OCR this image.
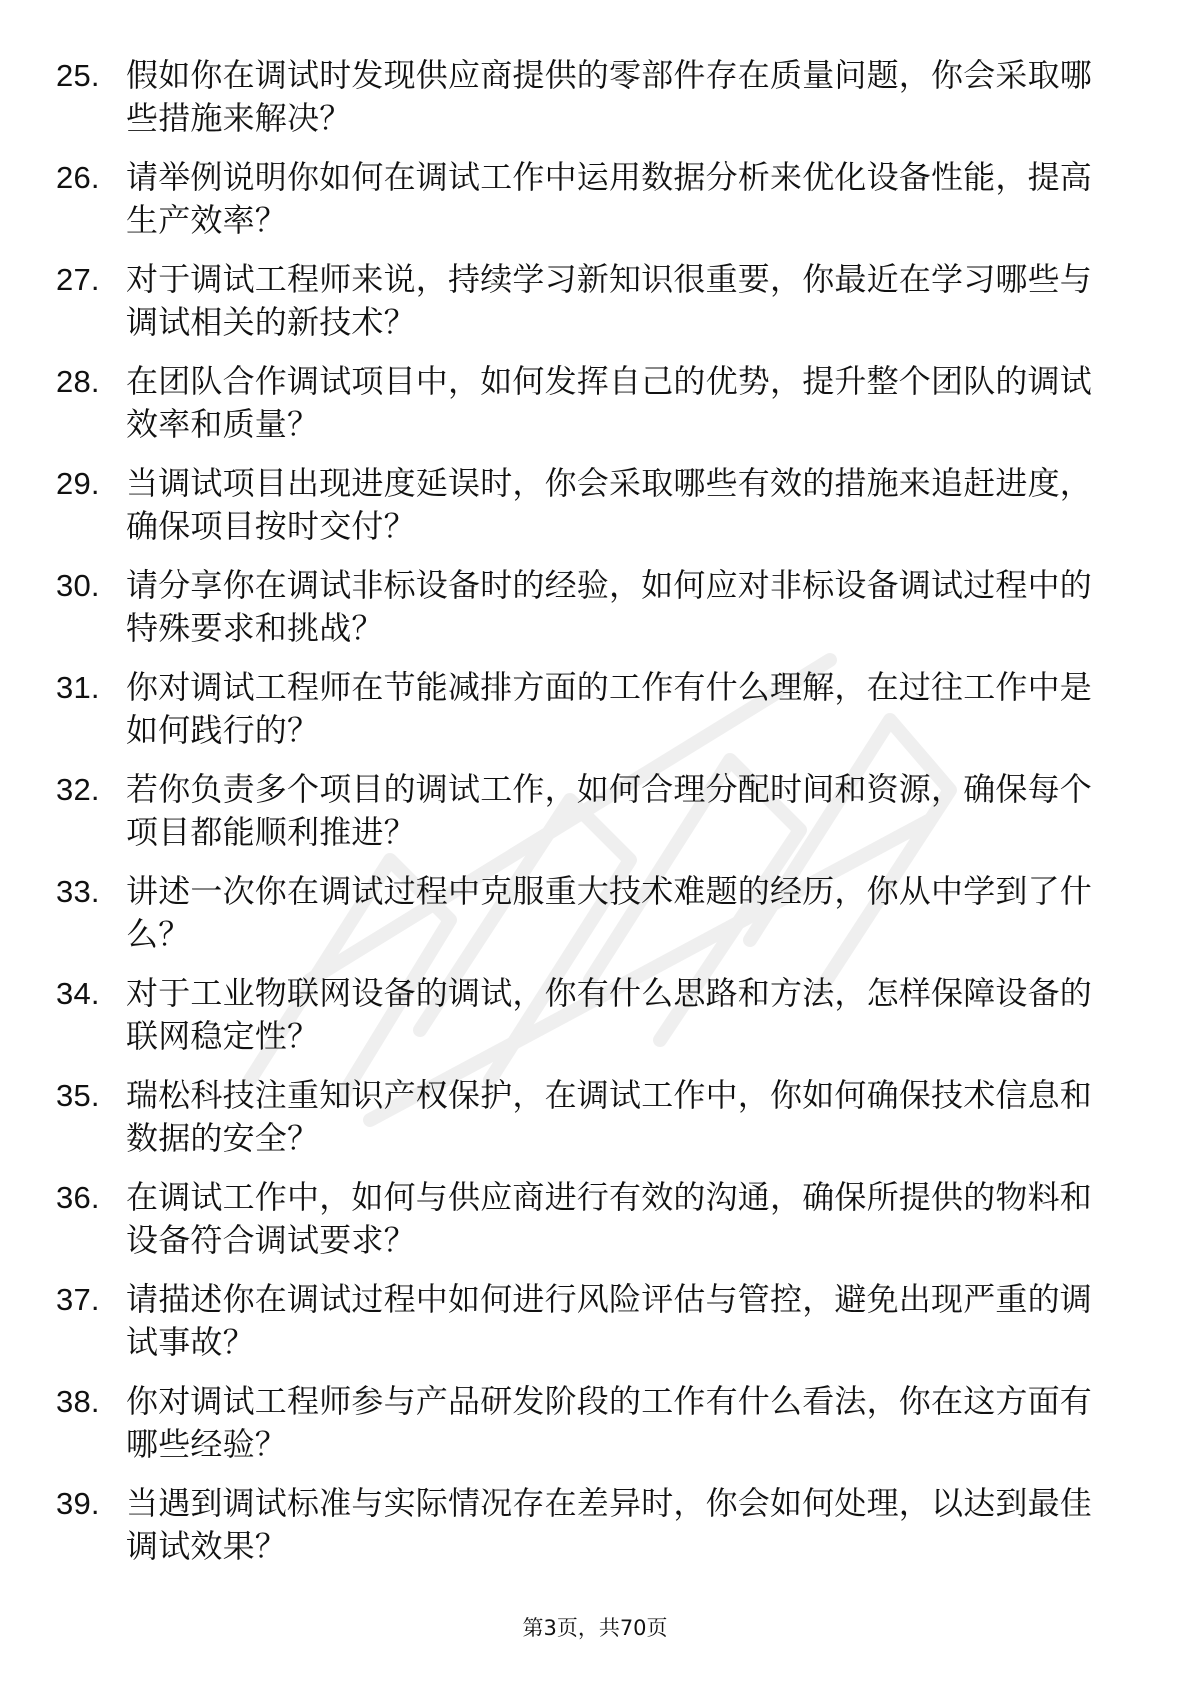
25. 假如你在调试时发现供应商提供的零部件存在质量问题，你会采取哪些措施来解决？
26. 请举例说明你如何在调试工作中运用数据分析来优化设备性能，提高生产效率？
27. 对于调试工程师来说，持续学习新知识很重要，你最近在学习哪些与调试相关的新技术？
28. 在团队合作调试项目中，如何发挥自己的优势，提升整个团队的调试效率和质量？
29. 当调试项目出现进度延误时，你会采取哪些有效的措施来追赶进度，确保项目按时交付？
30. 请分享你在调试非标设备时的经验，如何应对非标设备调试过程中的特殊要求和挑战？
31. 你对调试工程师在节能减排方面的工作有什么理解，在过往工作中是如何践行的？
32. 若你负责多个项目的调试工作，如何合理分配时间和资源，确保每个项目都能顺利推进？
33. 讲述一次你在调试过程中克服重大技术难题的经历，你从中学到了什么？
34. 对于工业物联网设备的调试，你有什么思路和方法，怎样保障设备的联网稳定性？
35. 瑞松科技注重知识产权保护，在调试工作中，你如何确保技术信息和数据的安全？
36. 在调试工作中，如何与供应商进行有效的沟通，确保所提供的物料和设备符合调试要求？
37. 请描述你在调试过程中如何进行风险评估与管控，避免出现严重的调试事故？
38. 你对调试工程师参与产品研发阶段的工作有什么看法，你在这方面有哪些经验？
39. 当遇到调试标准与实际情况存在差异时，你会如何处理，以达到最佳调试效果？
第3页，共70页
